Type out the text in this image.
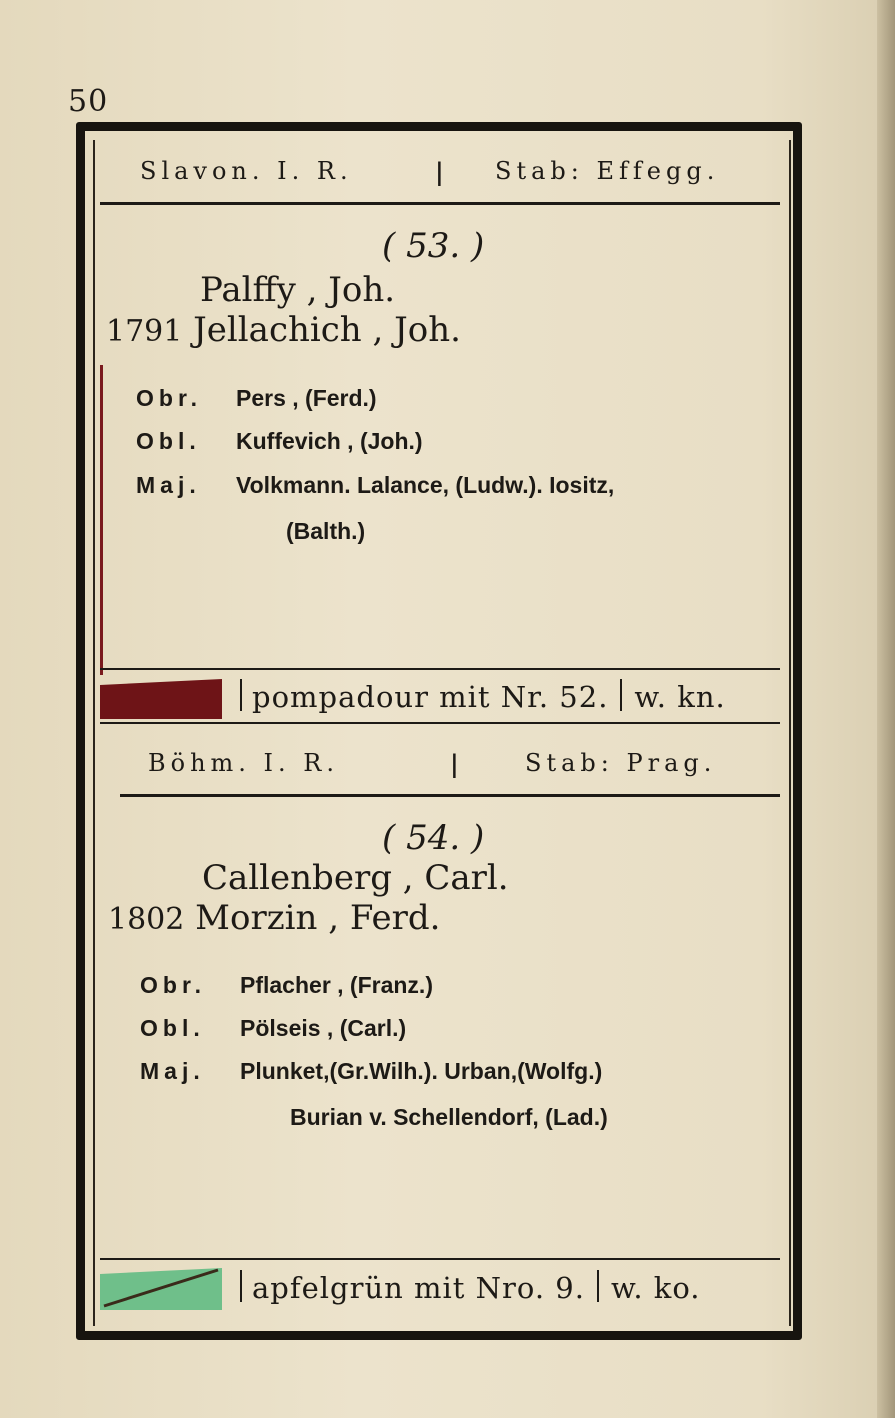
50
Slavon. I. R.	| Stab: Effegg.
( 53. )
Palffy , Joh.
1791 Jellachich , Joh.
Obr. Pers , (Ferd.)
Obl. Kuffevich , (Joh.)
Maj. Volkmann. Lalance, (Ludw.). Iositz,
(Balth.)
pompadour mit Nr. 52. w. kn.
Böhm. I. R.	|	Stab: Prag.
( 54. )
Callenberg , Carl.
1802 Morzin , Ferd.
Obr. Pflacher , (Franz.)
Obl. Pölseis , (Carl.)
Maj. Plunket,(Gr.Wilh.). Urban,(Wolfg.)
Burian v. Schellendorf, (Lad.)
apfelgrün mit Nro. 9. w. ko.
